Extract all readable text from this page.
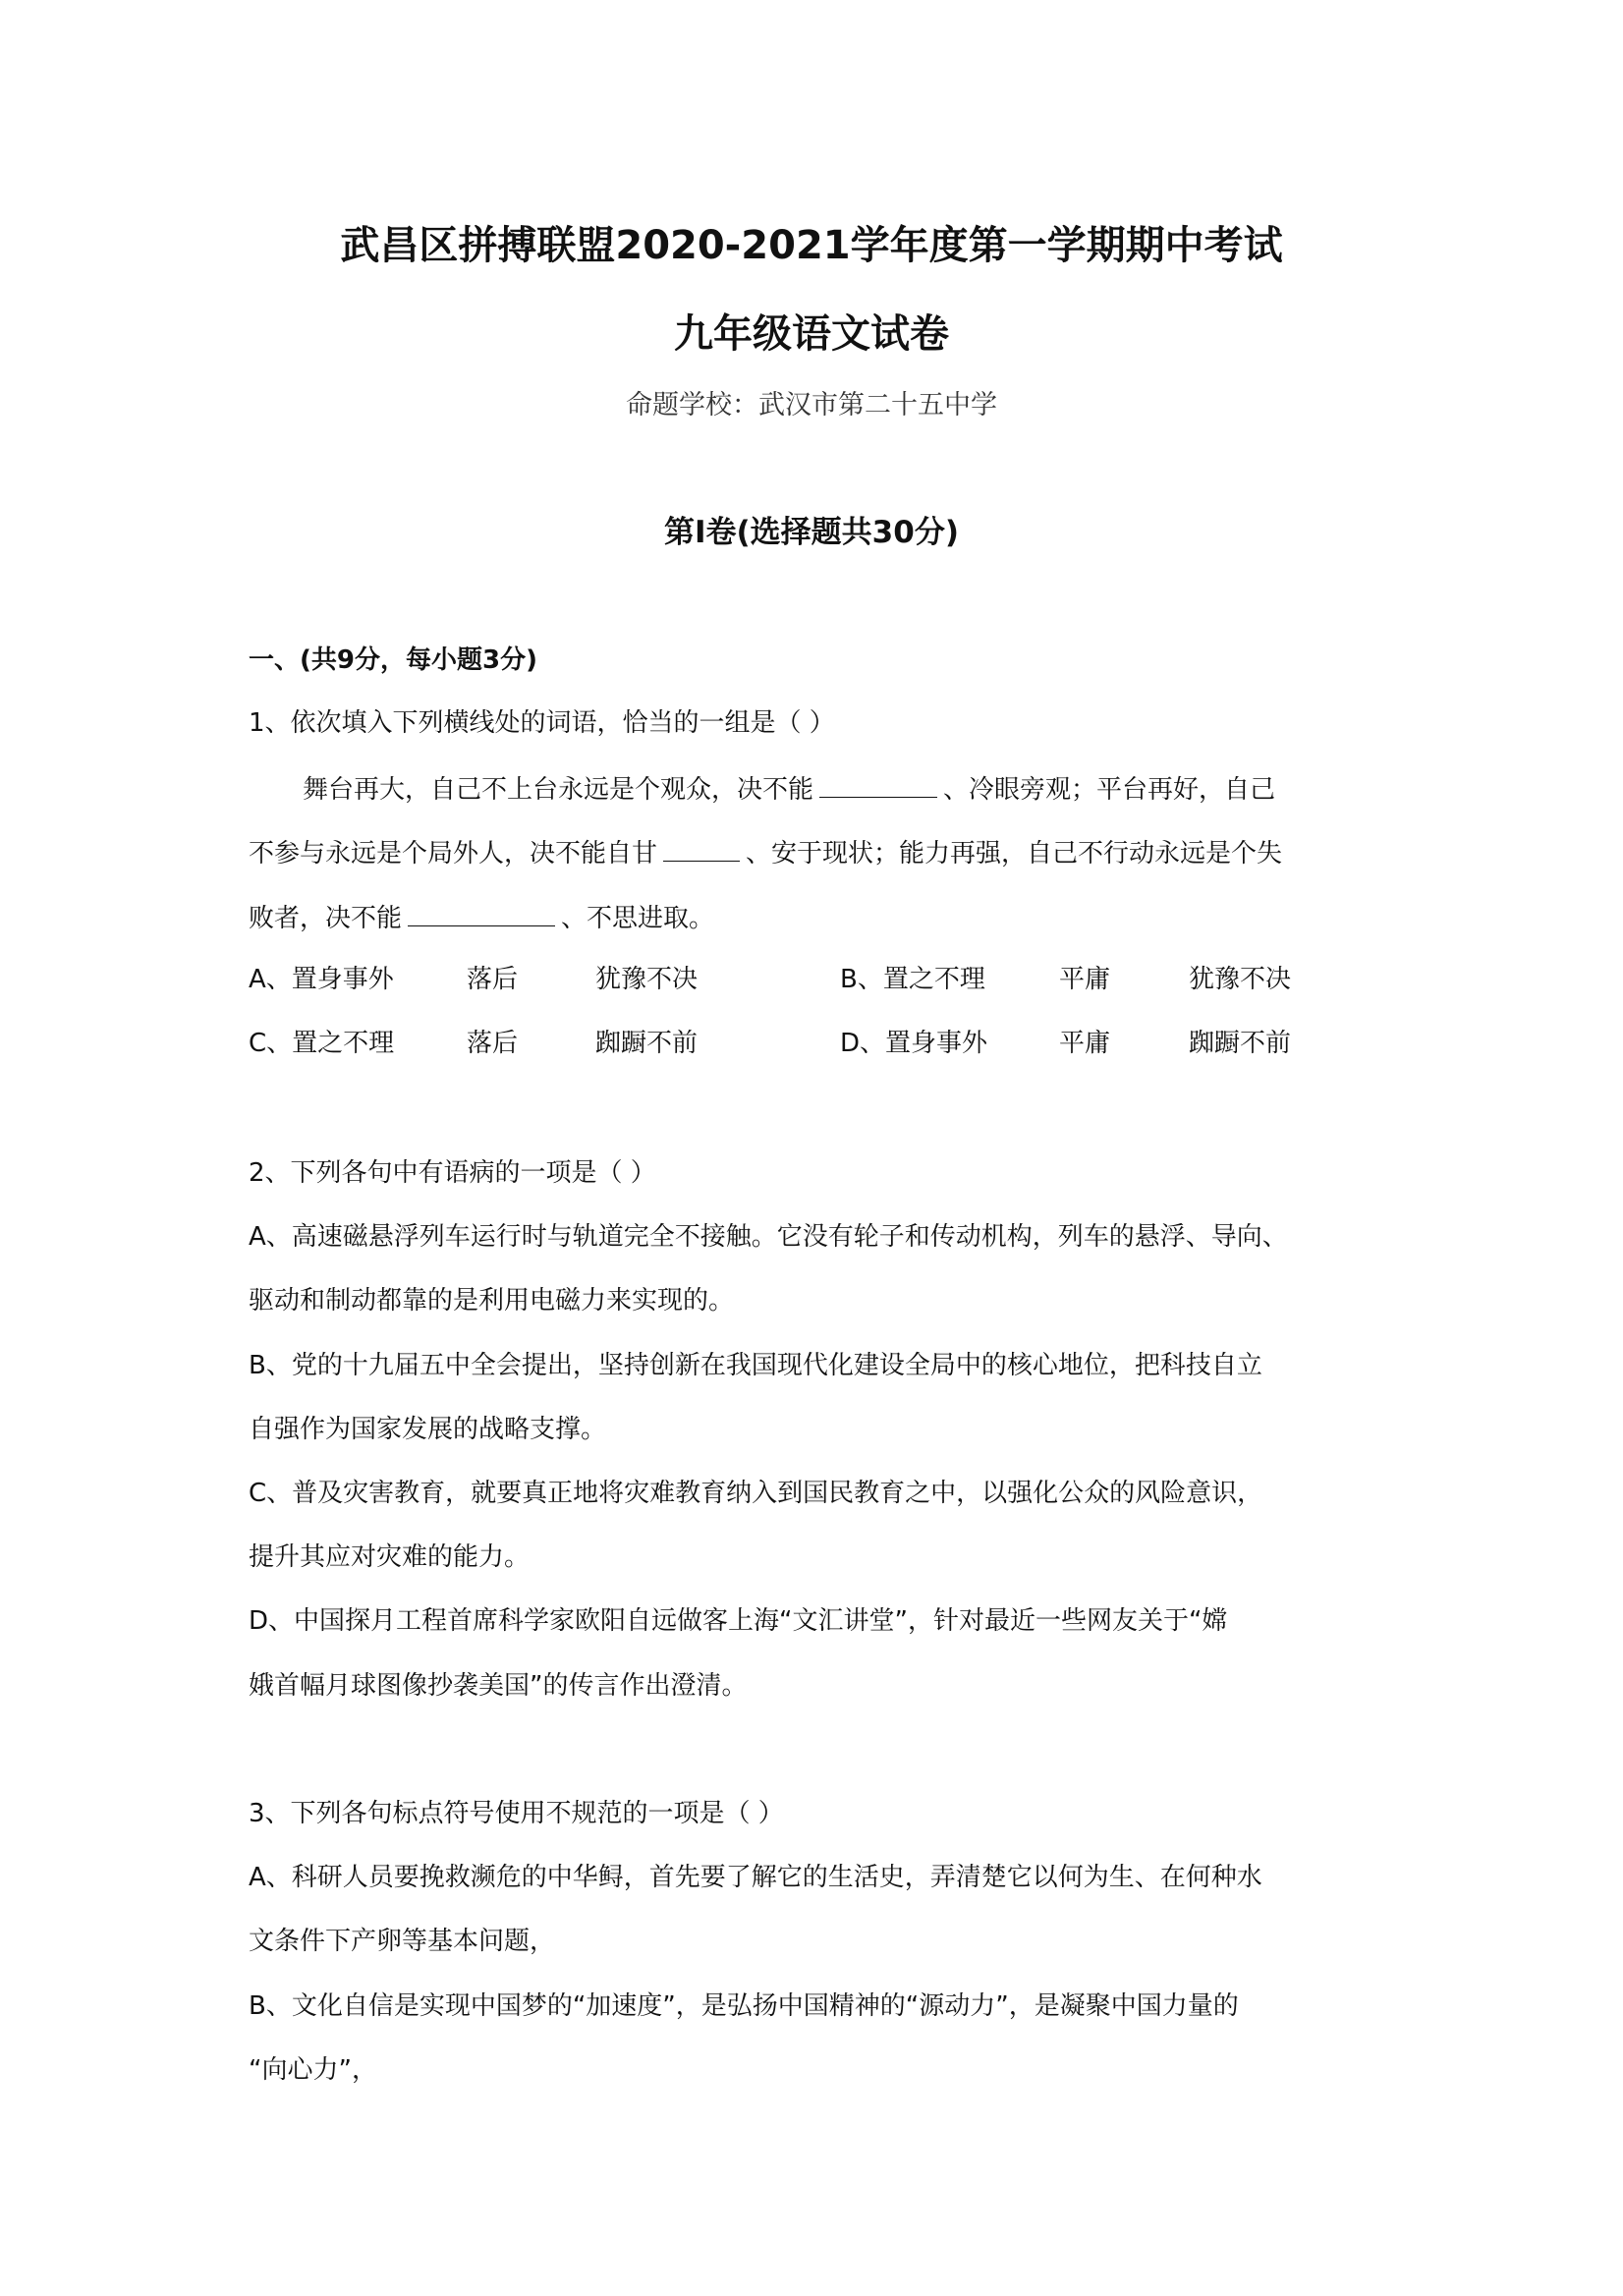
武昌区拼搏联盟2020-2021学年度第一学期期中考试
九年级语文试卷
命题学校：武汉市第二十五中学
第Ⅰ卷(选择题共30分)
一、(共9分，每小题3分)
1、依次填入下列横线处的词语，恰当的一组是（ ）
舞台再大，自己不上台永远是个观众，决不能	、冷眼旁观；平台再好，自己
不参与永远是个局外人，决不能自甘	、安于现状；能力再强，自己不行动永远是个失
败者，决不能	、不思进取。
A、置身事外	落后	犹豫不决	B、置之不理	平庸	犹豫不决
C、置之不理	落后	踟蹰不前	D、置身事外	平庸	踟蹰不前
2、下列各句中有语病的一项是（ ）
A、高速磁悬浮列车运行时与轨道完全不接触。它没有轮子和传动机构，列车的悬浮、导向、
驱动和制动都靠的是利用电磁力来实现的。
B、党的十九届五中全会提出，坚持创新在我国现代化建设全局中的核心地位，把科技自立
自强作为国家发展的战略支撑。
C、普及灾害教育，就要真正地将灾难教育纳入到国民教育之中，以强化公众的风险意识，
提升其应对灾难的能力。
D、中国探月工程首席科学家欧阳自远做客上海“文汇讲堂”，针对最近一些网友关于“嫦
娥首幅月球图像抄袭美国”的传言作出澄清。
3、下列各句标点符号使用不规范的一项是（ ）
A、科研人员要挽救濒危的中华鲟，首先要了解它的生活史，弄清楚它以何为生、在何种水
文条件下产卵等基本问题，
B、文化自信是实现中国梦的“加速度”，是弘扬中国精神的“源动力”，是凝聚中国力量的
“向心力”，
